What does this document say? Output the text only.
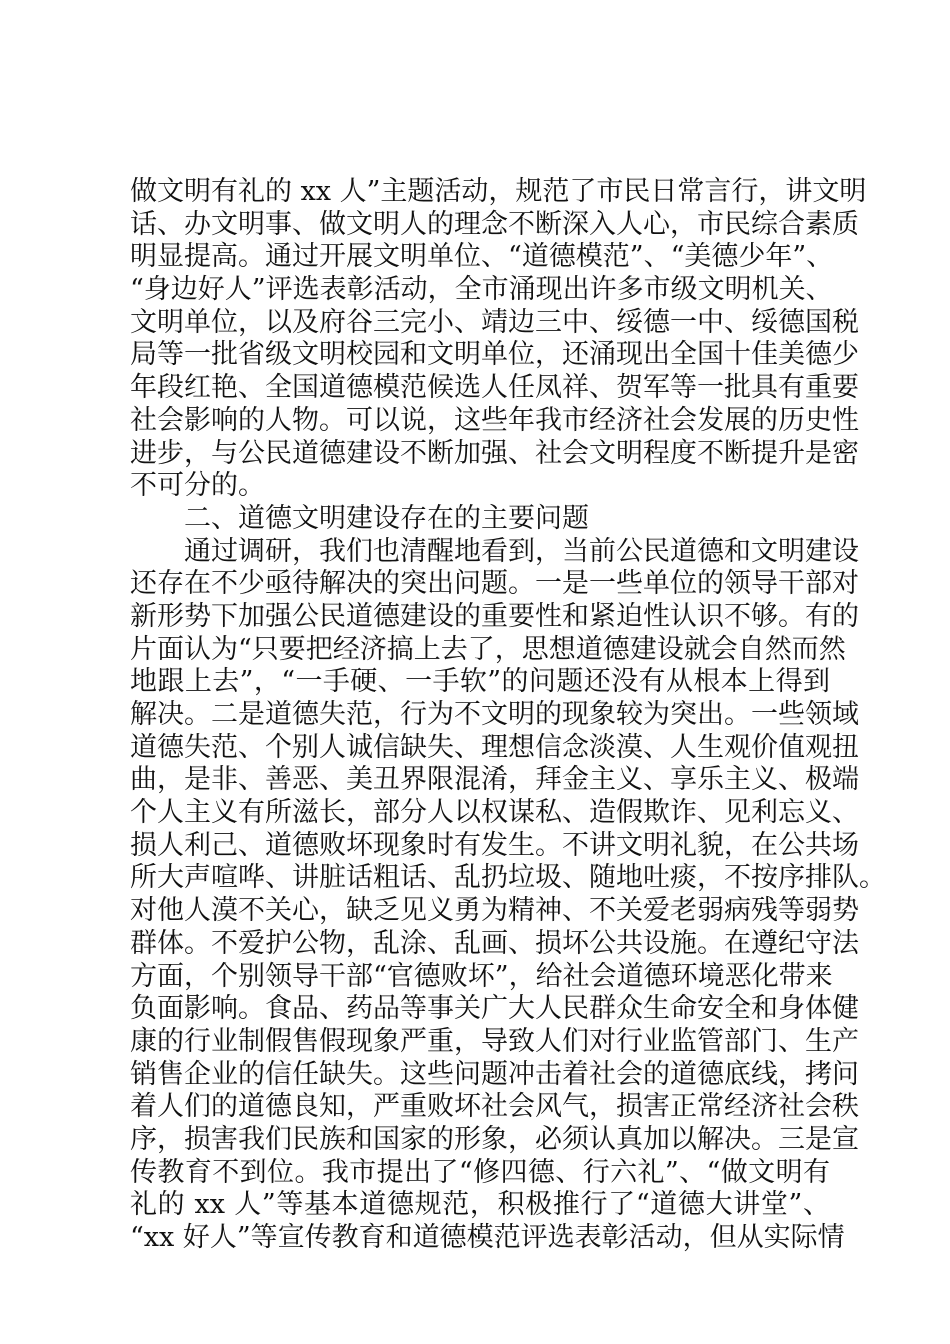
做文明有礼的 xx 人”主题活动，规范了市民日常言行，讲文明
话、办文明事、做文明人的理念不断深入人心，市民综合素质
明显提高。通过开展文明单位、“道德模范”、“美德少年”、
“身边好人”评选表彰活动，全市涌现出许多市级文明机关、
文明单位，以及府谷三完小、靖边三中、绥德一中、绥德国税
局等一批省级文明校园和文明单位，还涌现出全国十佳美德少
年段红艳、全国道德模范候选人任凤祥、贺军等一批具有重要
社会影响的人物。可以说，这些年我市经济社会发展的历史性
进步，与公民道德建设不断加强、社会文明程度不断提升是密
不可分的。
二、道德文明建设存在的主要问题
通过调研，我们也清醒地看到，当前公民道德和文明建设
还存在不少亟待解决的突出问题。一是一些单位的领导干部对
新形势下加强公民道德建设的重要性和紧迫性认识不够。有的
片面认为“只要把经济搞上去了，思想道德建设就会自然而然
地跟上去”，“一手硬、一手软”的问题还没有从根本上得到
解决。二是道德失范，行为不文明的现象较为突出。一些领域
道德失范、个别人诚信缺失、理想信念淡漠、人生观价值观扭
曲，是非、善恶、美丑界限混淆，拜金主义、享乐主义、极端
个人主义有所滋长，部分人以权谋私、造假欺诈、见利忘义、
损人利己、道德败坏现象时有发生。不讲文明礼貌，在公共场
所大声喧哗、讲脏话粗话、乱扔垃圾、随地吐痰，不按序排队。
对他人漠不关心，缺乏见义勇为精神、不关爱老弱病残等弱势
群体。不爱护公物，乱涂、乱画、损坏公共设施。在遵纪守法
方面，个别领导干部“官德败坏”，给社会道德环境恶化带来
负面影响。食品、药品等事关广大人民群众生命安全和身体健
康的行业制假售假现象严重，导致人们对行业监管部门、生产
销售企业的信任缺失。这些问题冲击着社会的道德底线，拷问
着人们的道德良知，严重败坏社会风气，损害正常经济社会秩
序，损害我们民族和国家的形象，必须认真加以解决。三是宣
传教育不到位。我市提出了“修四德、行六礼”、“做文明有
礼的 xx 人”等基本道德规范，积极推行了“道德大讲堂”、
“xx 好人”等宣传教育和道德模范评选表彰活动，但从实际情
